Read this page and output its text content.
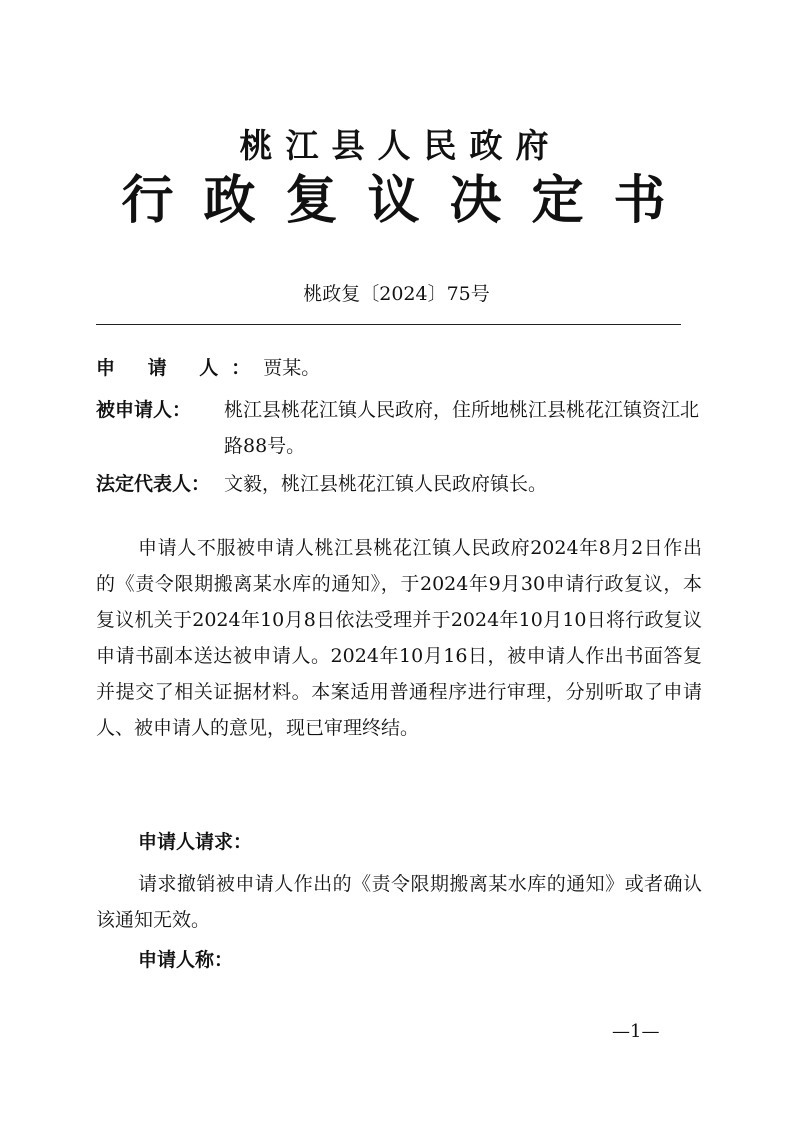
桃江县人民政府
行政复议决定书
桃政复〔2024〕75号
申 请 人： 贾某。
被申请人：	桃江县桃花江镇人民政府，住所地桃江县桃花江镇资江北路88号。
法定代表人： 文毅，桃江县桃花江镇人民政府镇长。

申请人不服被申请人桃江县桃花江镇人民政府2024年8月2日作出的《责令限期搬离某水库的通知》，于2024年9月30申请行政复议，本复议机关于2024年10月8日依法受理并于2024年10月10日将行政复议申请书副本送达被申请人。2024年10月16日，被申请人作出书面答复并提交了相关证据材料。本案适用普通程序进行审理，分别听取了申请人、被申请人的意见，现已审理终结。

申请人请求：

请求撤销被申请人作出的《责令限期搬离某水库的通知》或者确认该通知无效。

申请人称：
—1—
